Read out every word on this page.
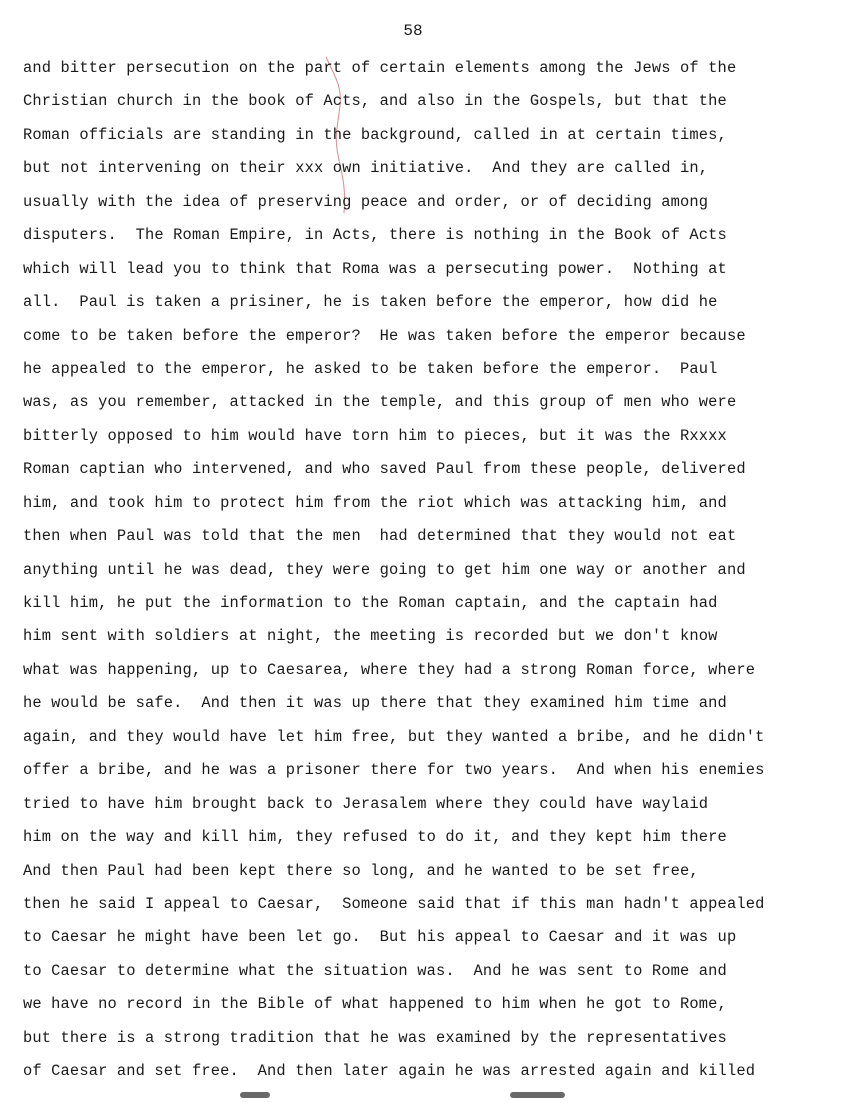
58
and bitter persecution on the part of certain elements among the Jews of the
Christian church in the book of Acts, and also in the Gospels, but that the
Roman officials are standing in the background, called in at certain times,
but not intervening on their xxx own initiative.  And they are called in,
usually with the idea of preserving peace and order, or of deciding among
disputers.  The Roman Empire, in Acts, there is nothing in the Book of Acts
which will lead you to think that Roma was a persecuting power.  Nothing at
all.  Paul is taken a prisiner, he is taken before the emperor, how did he
come to be taken before the emperor?  He was taken before the emperor because
he appealed to the emperor, he asked to be taken before the emperor.  Paul
was, as you remember, attacked in the temple, and this group of men who were
bitterly opposed to him would have torn him to pieces, but it was the Rxxxx
Roman captian who intervened, and who saved Paul from these people, delivered
him, and took him to protect him from the riot which was attacking him, and
then when Paul was told that the men  had determined that they would not eat
anything until he was dead, they were going to get him one way or another and
kill him, he put the information to the Roman captain, and the captain had
him sent with soldiers at night, the meeting is recorded but we don't know
what was happening, up to Caesarea, where they had a strong Roman force, where
he would be safe.  And then it was up there that they examined him time and
again, and they would have let him free, but they wanted a bribe, and he didn't
offer a bribe, and he was a prisoner there for two years.  And when his enemies
tried to have him brought back to Jerasalem where they could have waylaid
him on the way and kill him, they refused to do it, and they kept him there
And then Paul had been kept there so long, and he wanted to be set free,
then he said I appeal to Caesar,  Someone said that if this man hadn't appealed
to Caesar he might have been let go.  But his appeal to Caesar and it was up
to Caesar to determine what the situation was.  And he was sent to Rome and
we have no record in the Bible of what happened to him when he got to Rome,
but there is a strong tradition that he was examined by the representatives
of Caesar and set free.  And then later again he was arrested again and killed
